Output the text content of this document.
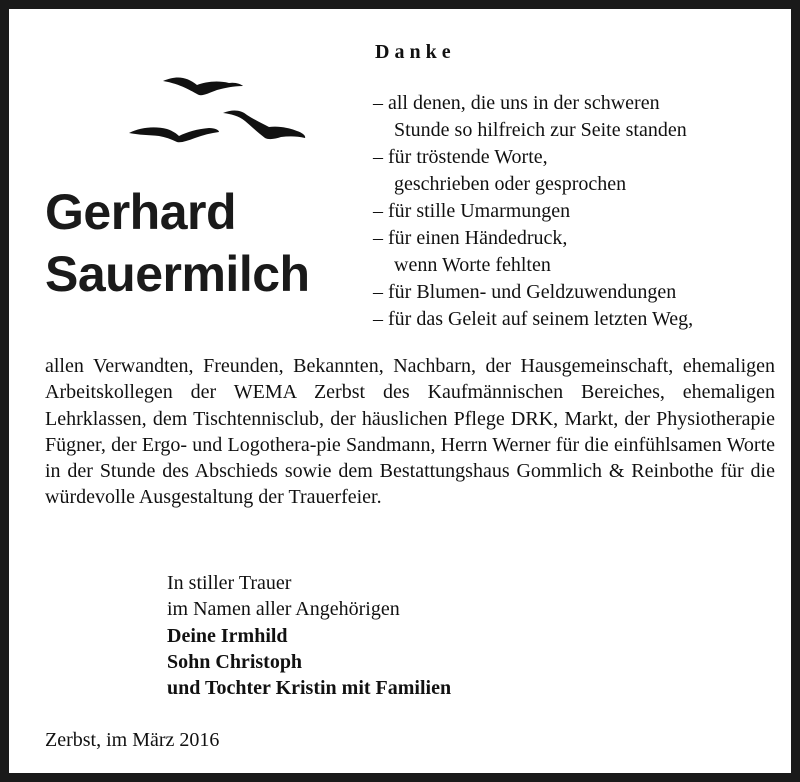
Gerhard
Sauermilch
Danke
– all denen, die uns in der schweren
Stunde so hilfreich zur Seite standen
– für tröstende Worte,
geschrieben oder gesprochen
– für stille Umarmungen
– für einen Händedruck,
wenn Worte fehlten
– für Blumen- und Geldzuwendungen
– für das Geleit auf seinem letzten Weg,
allen Verwandten, Freunden, Bekannten, Nachbarn, der Hausgemeinschaft, ehemaligen Arbeitskollegen der WEMA Zerbst des Kaufmännischen Bereiches, ehemaligen Lehrklassen, dem Tischtennisclub, der häuslichen Pflege DRK, Markt, der Physiotherapie Fügner, der Ergo- und Logothera-pie Sandmann, Herrn Werner für die einfühlsamen Worte in der Stunde des Abschieds sowie dem Bestattungshaus Gommlich & Reinbothe für die würdevolle Ausgestaltung der Trauerfeier.
In stiller Trauer
im Namen aller Angehörigen
Deine Irmhild
Sohn Christoph
und Tochter Kristin mit Familien
Zerbst, im März 2016
